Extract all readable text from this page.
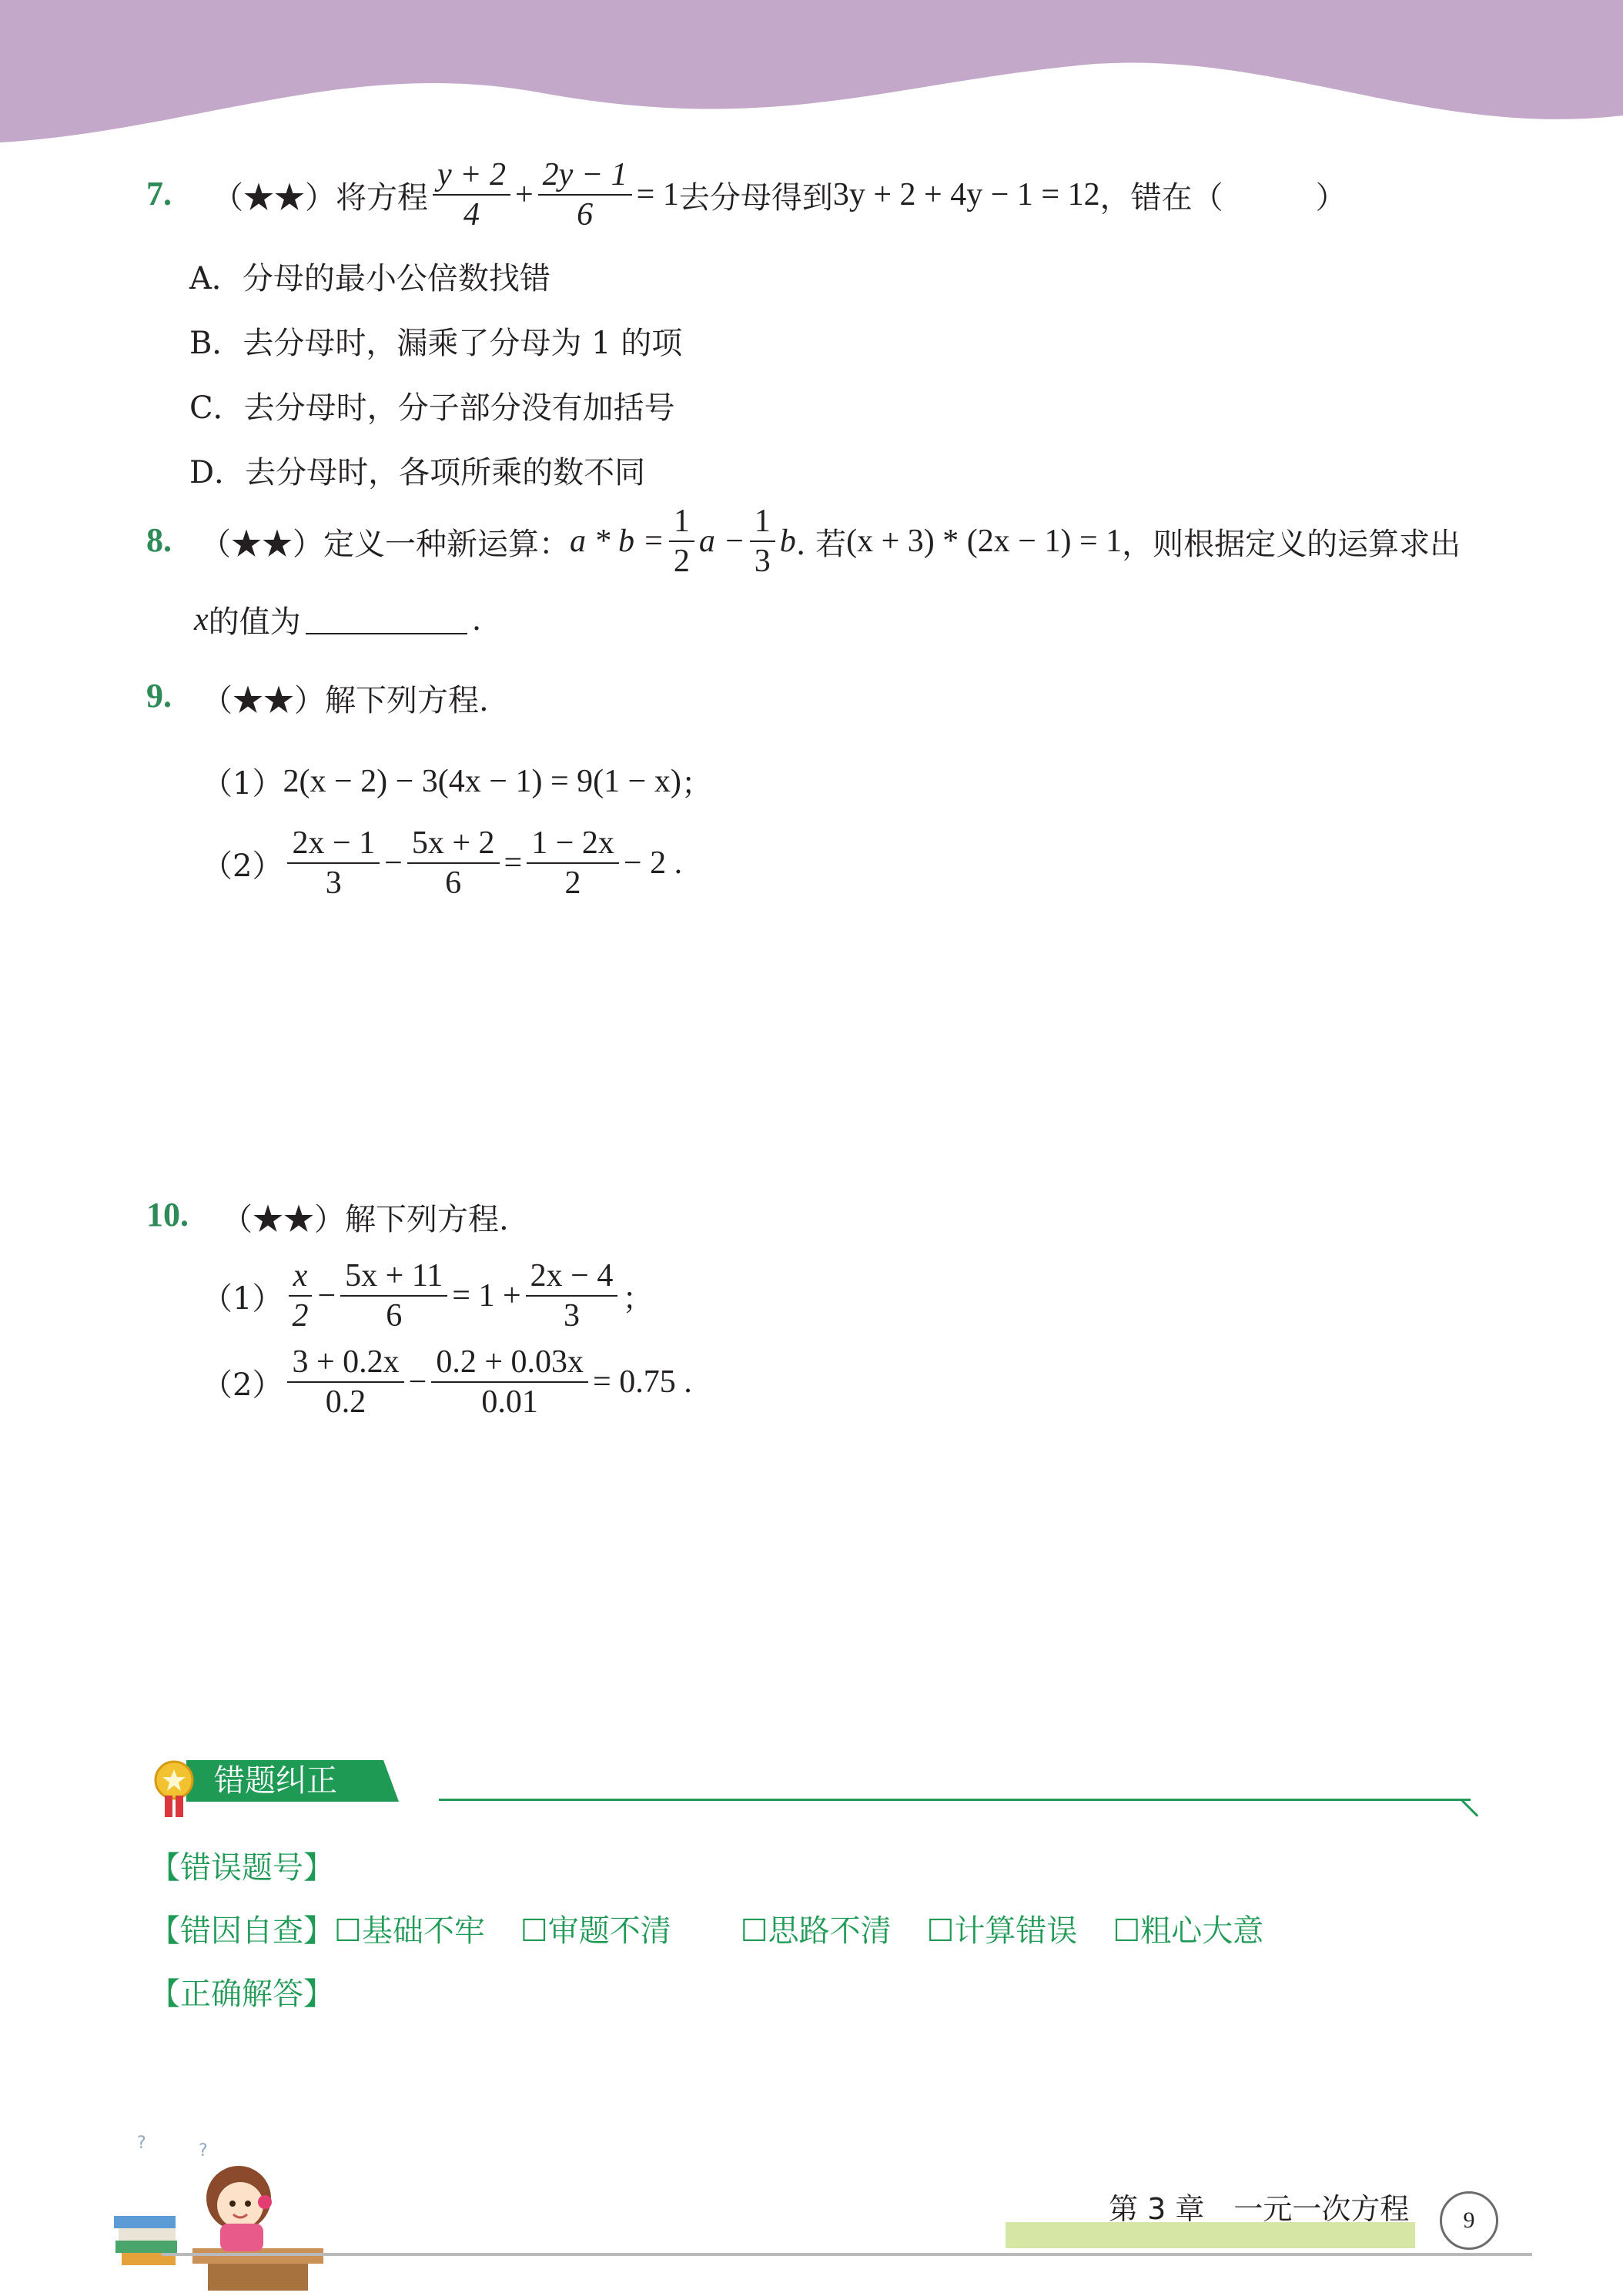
7. （★★） 将方程 $\frac{y + 2}{4} + \frac{2y - 1}{6} = 1$ 去分母得到 3y + 2 + 4y − 1 = 12 ，错在（　　　）
A．分母的最小公倍数找错
B．去分母时，漏乘了分母为 1 的项
C．去分母时，分子部分没有加括号
D．去分母时，各项所乘的数不同
8. （★★） 定义一种新运算： $a * b = \frac{1}{2}$ $a - \frac{1}{3}$ b . 若 (x + 3) * (2x − 1) = 1 ，则根据定义的运算求出
x 的值为	.
9. （★★） 解下列方程.
（1） 2(x − 2) − 3(4x − 1) = 9(1 − x) ；
$(2) \frac{2x - 1}{3} - \frac{5x + 2}{6} = \frac{1 - 2x}{2} - 2$ .
10. （★★） 解下列方程.
$(1) \frac{x}{2} - \frac{5x + 11}{6} = 1 + \frac{2x - 4}{3}$ ；
$(2) \frac{3 + 0.2x}{0.2} - \frac{0.2 + 0.03x}{0.01} = 0.75$ .
错题纠正
【错误题号】
【错因自查】☐基础不牢 ☐审题不清 ☐思路不清 ☐计算错误 ☐粗心大意
【正确解答】
?	?
第 3 章　一元一次方程	9
